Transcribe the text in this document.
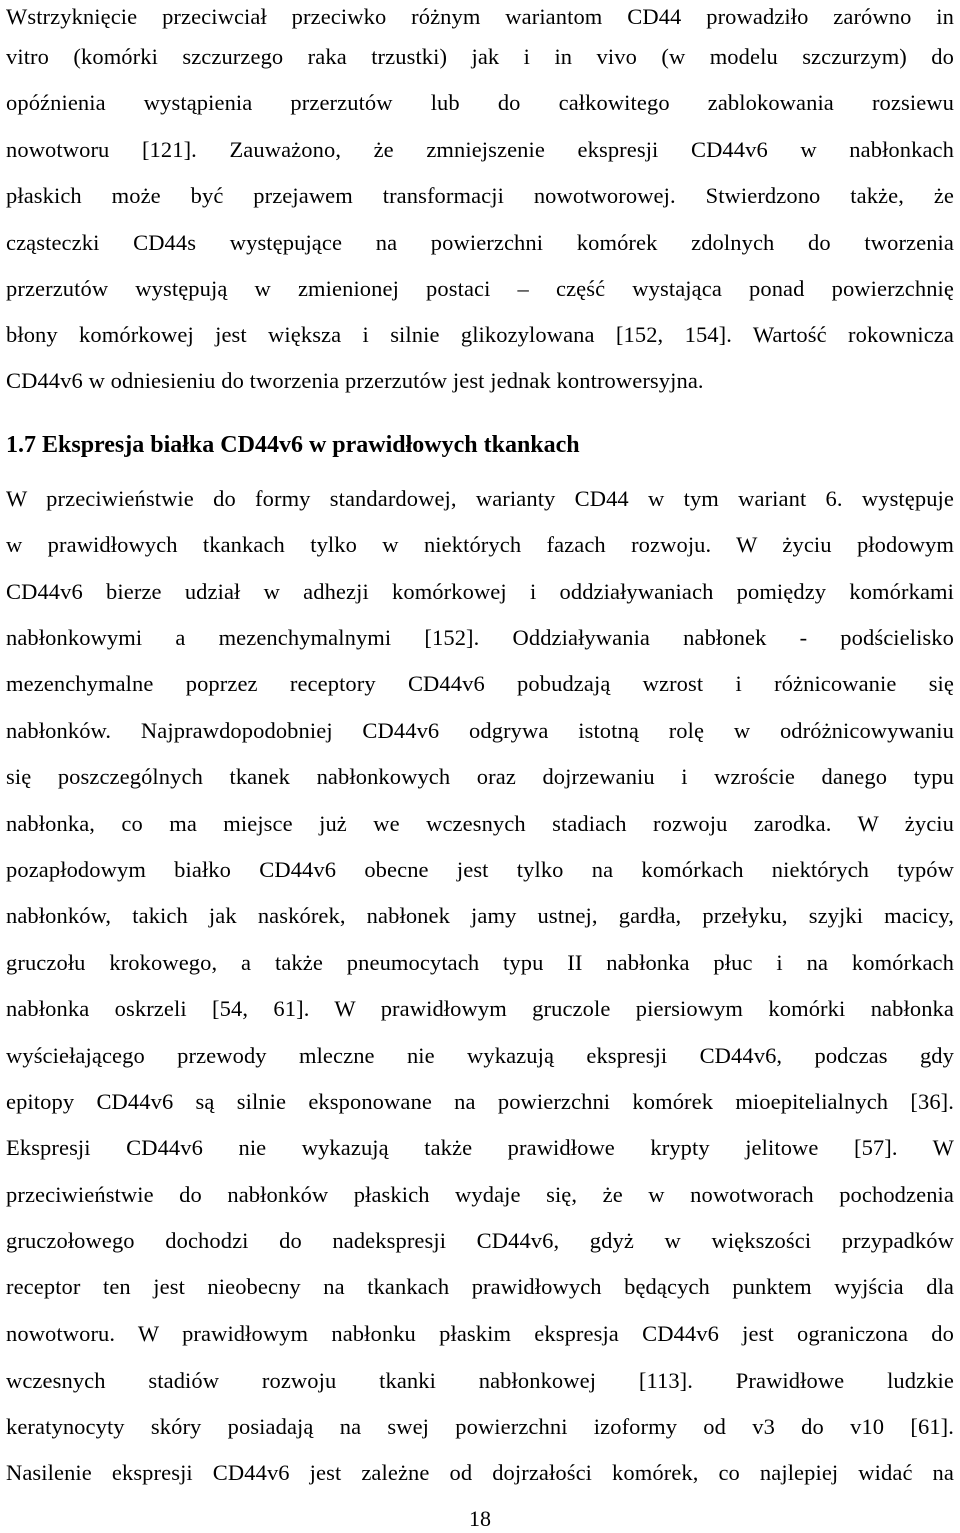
Wstrzyknięcie przeciwciał przeciwko różnym wariantom CD44 prowadziło zarówno in
vitro (komórki szczurzego raka trzustki) jak i in vivo (w modelu szczurzym) do
opóźnienia wystąpienia przerzutów lub do całkowitego zablokowania rozsiewu
nowotworu [121]. Zauważono, że zmniejszenie ekspresji CD44v6 w nabłonkach
płaskich może być przejawem transformacji nowotworowej. Stwierdzono także, że
cząsteczki CD44s występujące na powierzchni komórek zdolnych do tworzenia
przerzutów występują w zmienionej postaci – część wystająca ponad powierzchnię
błony komórkowej jest większa i silnie glikozylowana [152, 154]. Wartość rokownicza
CD44v6 w odniesieniu do tworzenia przerzutów jest jednak kontrowersyjna.
1.7 Ekspresja białka CD44v6 w prawidłowych tkankach
W przeciwieństwie do formy standardowej, warianty CD44 w tym wariant 6. występuje
w prawidłowych tkankach tylko w niektórych fazach rozwoju. W życiu płodowym
CD44v6 bierze udział w adhezji komórkowej i oddziaływaniach pomiędzy komórkami
nabłonkowymi a mezenchymalnymi [152]. Oddziaływania nabłonek - podścielisko
mezenchymalne poprzez receptory CD44v6 pobudzają wzrost i różnicowanie się
nabłonków. Najprawdopodobniej CD44v6 odgrywa istotną rolę w odróżnicowywaniu
się poszczególnych tkanek nabłonkowych oraz dojrzewaniu i wzroście danego typu
nabłonka, co ma miejsce już we wczesnych stadiach rozwoju zarodka. W życiu
pozapłodowym białko CD44v6 obecne jest tylko na komórkach niektórych typów
nabłonków, takich jak naskórek, nabłonek jamy ustnej, gardła, przełyku, szyjki macicy,
gruczołu krokowego, a także pneumocytach typu II nabłonka płuc i na komórkach
nabłonka oskrzeli [54, 61]. W prawidłowym gruczole piersiowym komórki nabłonka
wyściełającego przewody mleczne nie wykazują ekspresji CD44v6, podczas gdy
epitopy CD44v6 są silnie eksponowane na powierzchni komórek mioepitelialnych [36].
Ekspresji CD44v6 nie wykazują także prawidłowe krypty jelitowe [57]. W
przeciwieństwie do nabłonków płaskich wydaje się, że w nowotworach pochodzenia
gruczołowego dochodzi do nadekspresji CD44v6, gdyż w większości przypadków
receptor ten jest nieobecny na tkankach prawidłowych będących punktem wyjścia dla
nowotworu. W prawidłowym nabłonku płaskim ekspresja CD44v6 jest ograniczona do
wczesnych stadiów rozwoju tkanki nabłonkowej [113]. Prawidłowe ludzkie
keratynocyty skóry posiadają na swej powierzchni izoformy od v3 do v10 [61].
Nasilenie ekspresji CD44v6 jest zależne od dojrzałości komórek, co najlepiej widać na
18
